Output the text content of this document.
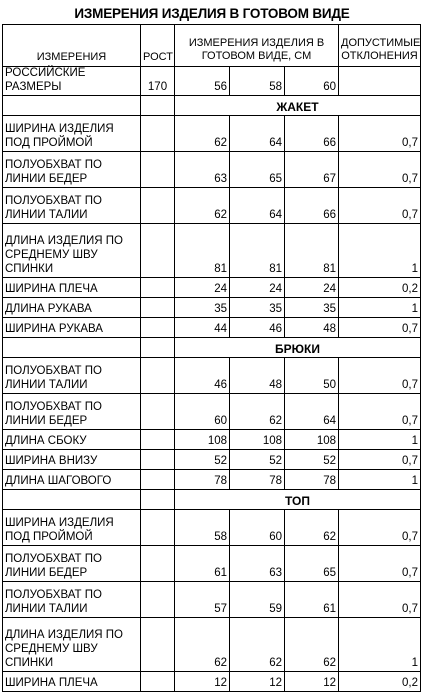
ИЗМЕРЕНИЯ ИЗДЕЛИЯ В ГОТОВОМ ВИДЕ
ИЗМЕРЕНИЯ	РОСТ	ИЗМЕРЕНИЯ ИЗДЕЛИЯ В ГОТОВОМ ВИДЕ, СМ			ДОПУСТИМЫЕ ОТКЛОНЕНИЯ
РОССИЙСКИЕ РАЗМЕРЫ	170	56	58	60	
		ЖАКЕТ			
ШИРИНА ИЗДЕЛИЯ ПОД ПРОЙМОЙ		62	64	66	0,7
ПОЛУОБХВАТ ПО ЛИНИИ БЕДЕР		63	65	67	0,7
ПОЛУОБХВАТ ПО ЛИНИИ ТАЛИИ		62	64	66	0,7
ДЛИНА ИЗДЕЛИЯ ПО СРЕДНЕМУ ШВУ СПИНКИ		81	81	81	1
ШИРИНА ПЛЕЧА		24	24	24	0,2
ДЛИНА РУКАВА		35	35	35	1
ШИРИНА РУКАВА		44	46	48	0,7
		БРЮКИ			
ПОЛУОБХВАТ ПО ЛИНИИ ТАЛИИ		46	48	50	0,7
ПОЛУОБХВАТ ПО ЛИНИИ БЕДЕР		60	62	64	0,7
ДЛИНА СБОКУ		108	108	108	1
ШИРИНА ВНИЗУ		52	52	52	0,7
ДЛИНА ШАГОВОГО		78	78	78	1
		ТОП			
ШИРИНА ИЗДЕЛИЯ ПОД ПРОЙМОЙ		58	60	62	0,7
ПОЛУОБХВАТ ПО ЛИНИИ БЕДЕР		61	63	65	0,7
ПОЛУОБХВАТ ПО ЛИНИИ ТАЛИИ		57	59	61	0,7
ДЛИНА ИЗДЕЛИЯ ПО СРЕДНЕМУ ШВУ СПИНКИ		62	62	62	1
ШИРИНА ПЛЕЧА		12	12	12	0,2
